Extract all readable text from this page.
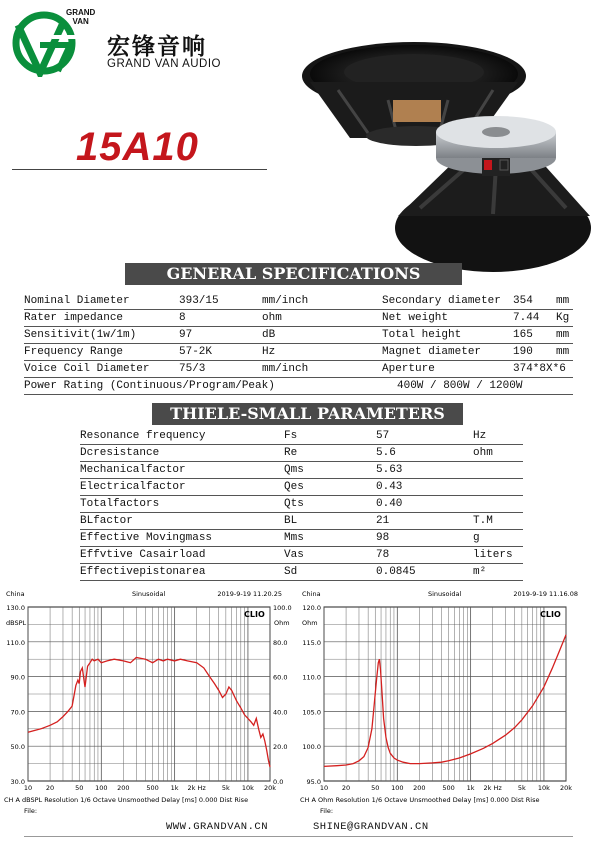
GRAND
VAN
宏锋音响
GRAND VAN AUDIO
15A10
GENERAL SPECIFICATIONS
Nominal Diameter	393/15	mm/inch	Secondary diameter 354 mm
Rater impedance	8	ohm	Net weight	7.44 Kg
Sensitivit(1w/1m)	97	dB	Total height	165 mm
Frequency Range	57-2K	Hz	Magnet diameter	190 mm
Voice Coil Diameter	75/3	mm/inch	Aperture	374*8X*6
Power Rating (Continuous/Program/Peak)	400W / 800W / 1200W
THIELE-SMALL PARAMETERS
Resonance frequency	Fs	57	Hz
Dcresistance	Re	5.6	ohm
Mechanicalfactor	Qms	5.63
Electricalfactor	Qes	0.43
Totalfactors	Qts	0.40
BLfactor	BL	21	T.M
Effective Movingmass	Mms	98	g
Effvtive Casairload	Vas	78	liters
Effectivepistonarea	Sd	0.0845	m²
China	Sinusoidal	2019-9-19 11.20.25
130.0
110.0
90.0
70.0
50.0
30.0
100.0
80.0
60.0
40.0
20.0
0.0
dBSPL	Ohm
CLIO
10 20	50 100 200	500 1k 2k Hz 5k 10k 20k
CH A dBSPL Resolution 1/6 Octave Unsmoothed Delay [ms] 0.000 Dist Rise
File:
China	Sinusoidal	2019-9-19 11.16.08
120.0
115.0
110.0
105.0
100.0
95.0
Ohm
CLIO
10 20	50 100 200	500 1k 2k Hz 5k 10k 20k
CH A Ohm Resolution 1/6 Octave Unsmoothed Delay [ms] 0.000 Dist Rise
File:
WWW.GRANDVAN.CN	SHINE@GRANDVAN.CN
